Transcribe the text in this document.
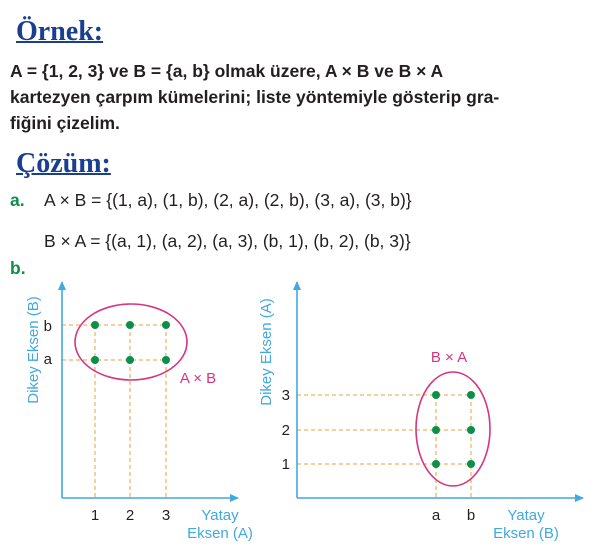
Örnek:

A = {1, 2, 3} ve B = {a, b} olmak üzere, A × B ve B × A

kartezyen çarpım kümelerini; liste yöntemiyle gösterip gra-

fiğini çizelim.

Çözüm:
a. A × B = {(1, a), (1, b), (2, a), (2, b), (3, a), (3, b)}
B × A = {(a, 1), (a, 2), (a, 3), (b, 1), (b, 2), (b, 3)}
b.
b
a
1 2 3
Dikey Eksen (B)
Yatay
Eksen (A)
A × B
3
2
1
a b
Dikey Eksen (A)
Yatay
Eksen (B)
B × A
